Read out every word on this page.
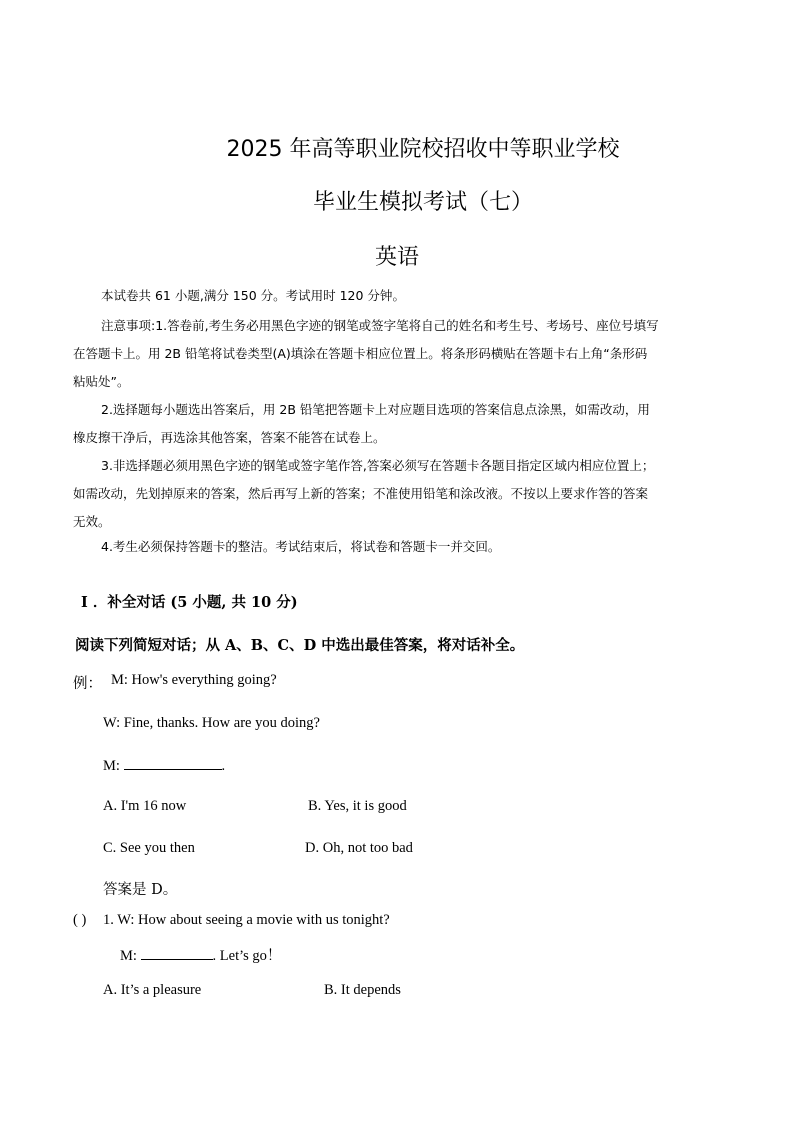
2025 年高等职业院校招收中等职业学校
毕业生模拟考试（七）
英语
本试卷共 61 小题,满分 150 分。考试用时 120 分钟。
注意事项:1.答卷前,考生务必用黑色字迹的钢笔或签字笔将自己的姓名和考生号、考场号、座位号填写
在答题卡上。用 2B 铅笔将试卷类型(A)填涂在答题卡相应位置上。将条形码横贴在答题卡右上角“条形码
粘贴处”。
2.选择题每小题选出答案后，用 2B 铅笔把答题卡上对应题目选项的答案信息点涂黑，如需改动，用
橡皮擦干净后，再选涂其他答案，答案不能答在试卷上。
3.非选择题必须用黑色字迹的钢笔或签字笔作答,答案必须写在答题卡各题目指定区域内相应位置上；
如需改动，先划掉原来的答案，然后再写上新的答案；不准使用铅笔和涂改液。不按以上要求作答的答案
无效。
4.考生必须保持答题卡的整洁。考试结束后，将试卷和答题卡一并交回。
Ⅰ ．补全对话 (5 小题, 共 10 分)
阅读下列简短对话；从 A、B、C、D 中选出最佳答案，将对话补全。
例： M: How's everything going?
W: Fine, thanks. How are you doing?
M:	.
A. I'm 16 now	B. Yes, it is good
C. See you then	D. Oh, not too bad
答案是 D。
( ) 1. W: How about seeing a movie with us tonight?
M:	. Let’s go！
A. It’s a pleasure	B. It depends
